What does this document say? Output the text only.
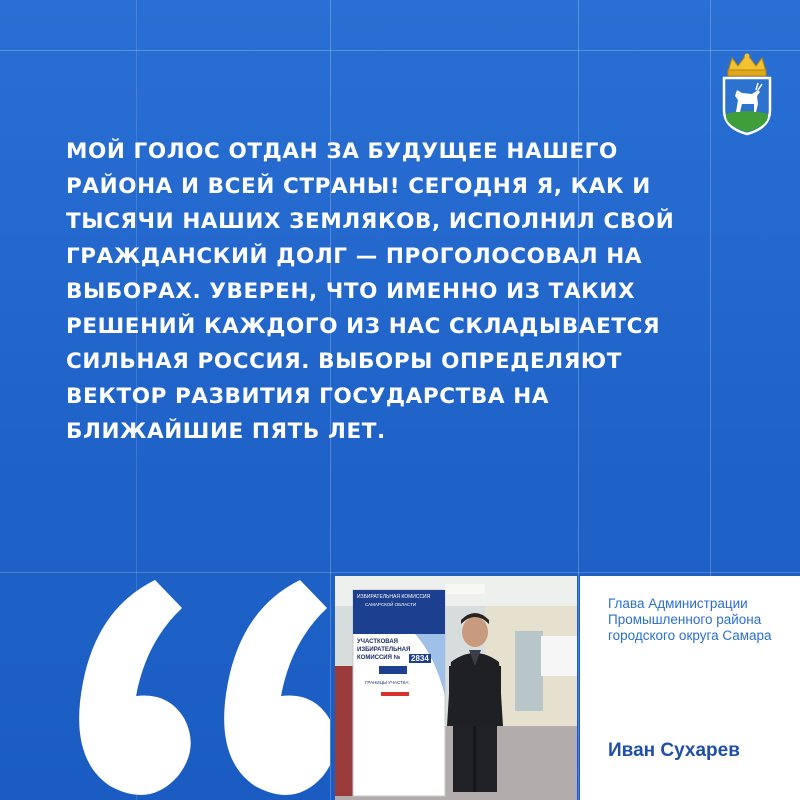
МОЙ ГОЛОС ОТДАН ЗА БУДУЩЕЕ НАШЕГО РАЙОНА И ВСЕЙ СТРАНЫ! СЕГОДНЯ Я, КАК И ТЫСЯЧИ НАШИХ ЗЕМЛЯКОВ, ИСПОЛНИЛ СВОЙ ГРАЖДАНСКИЙ ДОЛГ — ПРОГОЛОСОВАЛ НА ВЫБОРАХ. УВЕРЕН, ЧТО ИМЕННО ИЗ ТАКИХ РЕШЕНИЙ КАЖДОГО ИЗ НАС СКЛАДЫВАЕТСЯ СИЛЬНАЯ РОССИЯ. ВЫБОРЫ ОПРЕДЕЛЯЮТ ВЕКТОР РАЗВИТИЯ ГОСУДАРСТВА НА БЛИЖАЙШИЕ ПЯТЬ ЛЕТ.
ИЗБИРАТЕЛЬНАЯ КОМИССИЯ
САМАРСКОЙ ОБЛАСТИ
УЧАСТКОВАЯ ИЗБИРАТЕЛЬНАЯ КОМИССИЯ №	2834
ГРАНИЦЫ УЧАСТКА:
Глава Администрации Промышленного района городского округа Самара
Иван Сухарев
